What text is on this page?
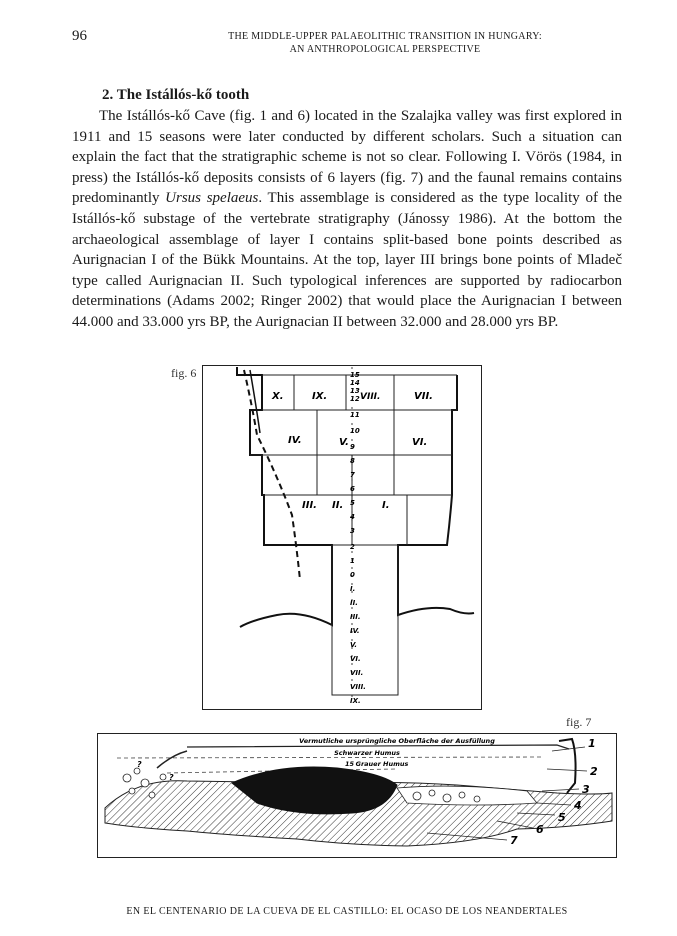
96	THE MIDDLE-UPPER PALAEOLITHIC TRANSITION IN HUNGARY:
AN ANTHROPOLOGICAL PERSPECTIVE
2. The Istállós-kő tooth
The Istállós-kő Cave (fig. 1 and 6) located in the Szalajka valley was first explored in 1911 and 15 seasons were later conducted by different scholars. Such a situation can explain the fact that the stratigraphic scheme is not so clear. Following I. Vörös (1984, in press) the Istállós-kő deposits consists of 6 layers (fig. 7) and the faunal remains contains predominantly Ursus spelaeus. This assemblage is considered as the type locality of the Istállós-kő substage of the vertebrate stratigraphy (Jánossy 1986). At the bottom the archaeological assemblage of layer I contains split-based bone points described as Aurignacian I of the Bükk Mountains. At the top, layer III brings bone points of Mladeč type called Aurignacian II. Such typological inferences are supported by radiocarbon determinations (Adams 2002; Ringer 2002) that would place the Aurignacian I between 44.000 and 33.000 yrs BP, the Aurignacian II between 32.000 and 28.000 yrs BP.
fig. 6
X.	IX.	VIII.	VII.
IV.	V.	VI.
III. II.	I.
15
14
13
12
11
10
9
8
7
6
5
4
3
2
1
0
I.
II.
III.
IV.
V.
VI.
VII.
VIII.
IX.
fig. 7
Vermutliche ursprüngliche Oberfläche der Ausfüllung
Schwarzer Humus
Grauer Humus
15
?
?
1
2
3
4
5
6
7
EN EL CENTENARIO DE LA CUEVA DE EL CASTILLO: EL OCASO DE LOS NEANDERTALES
